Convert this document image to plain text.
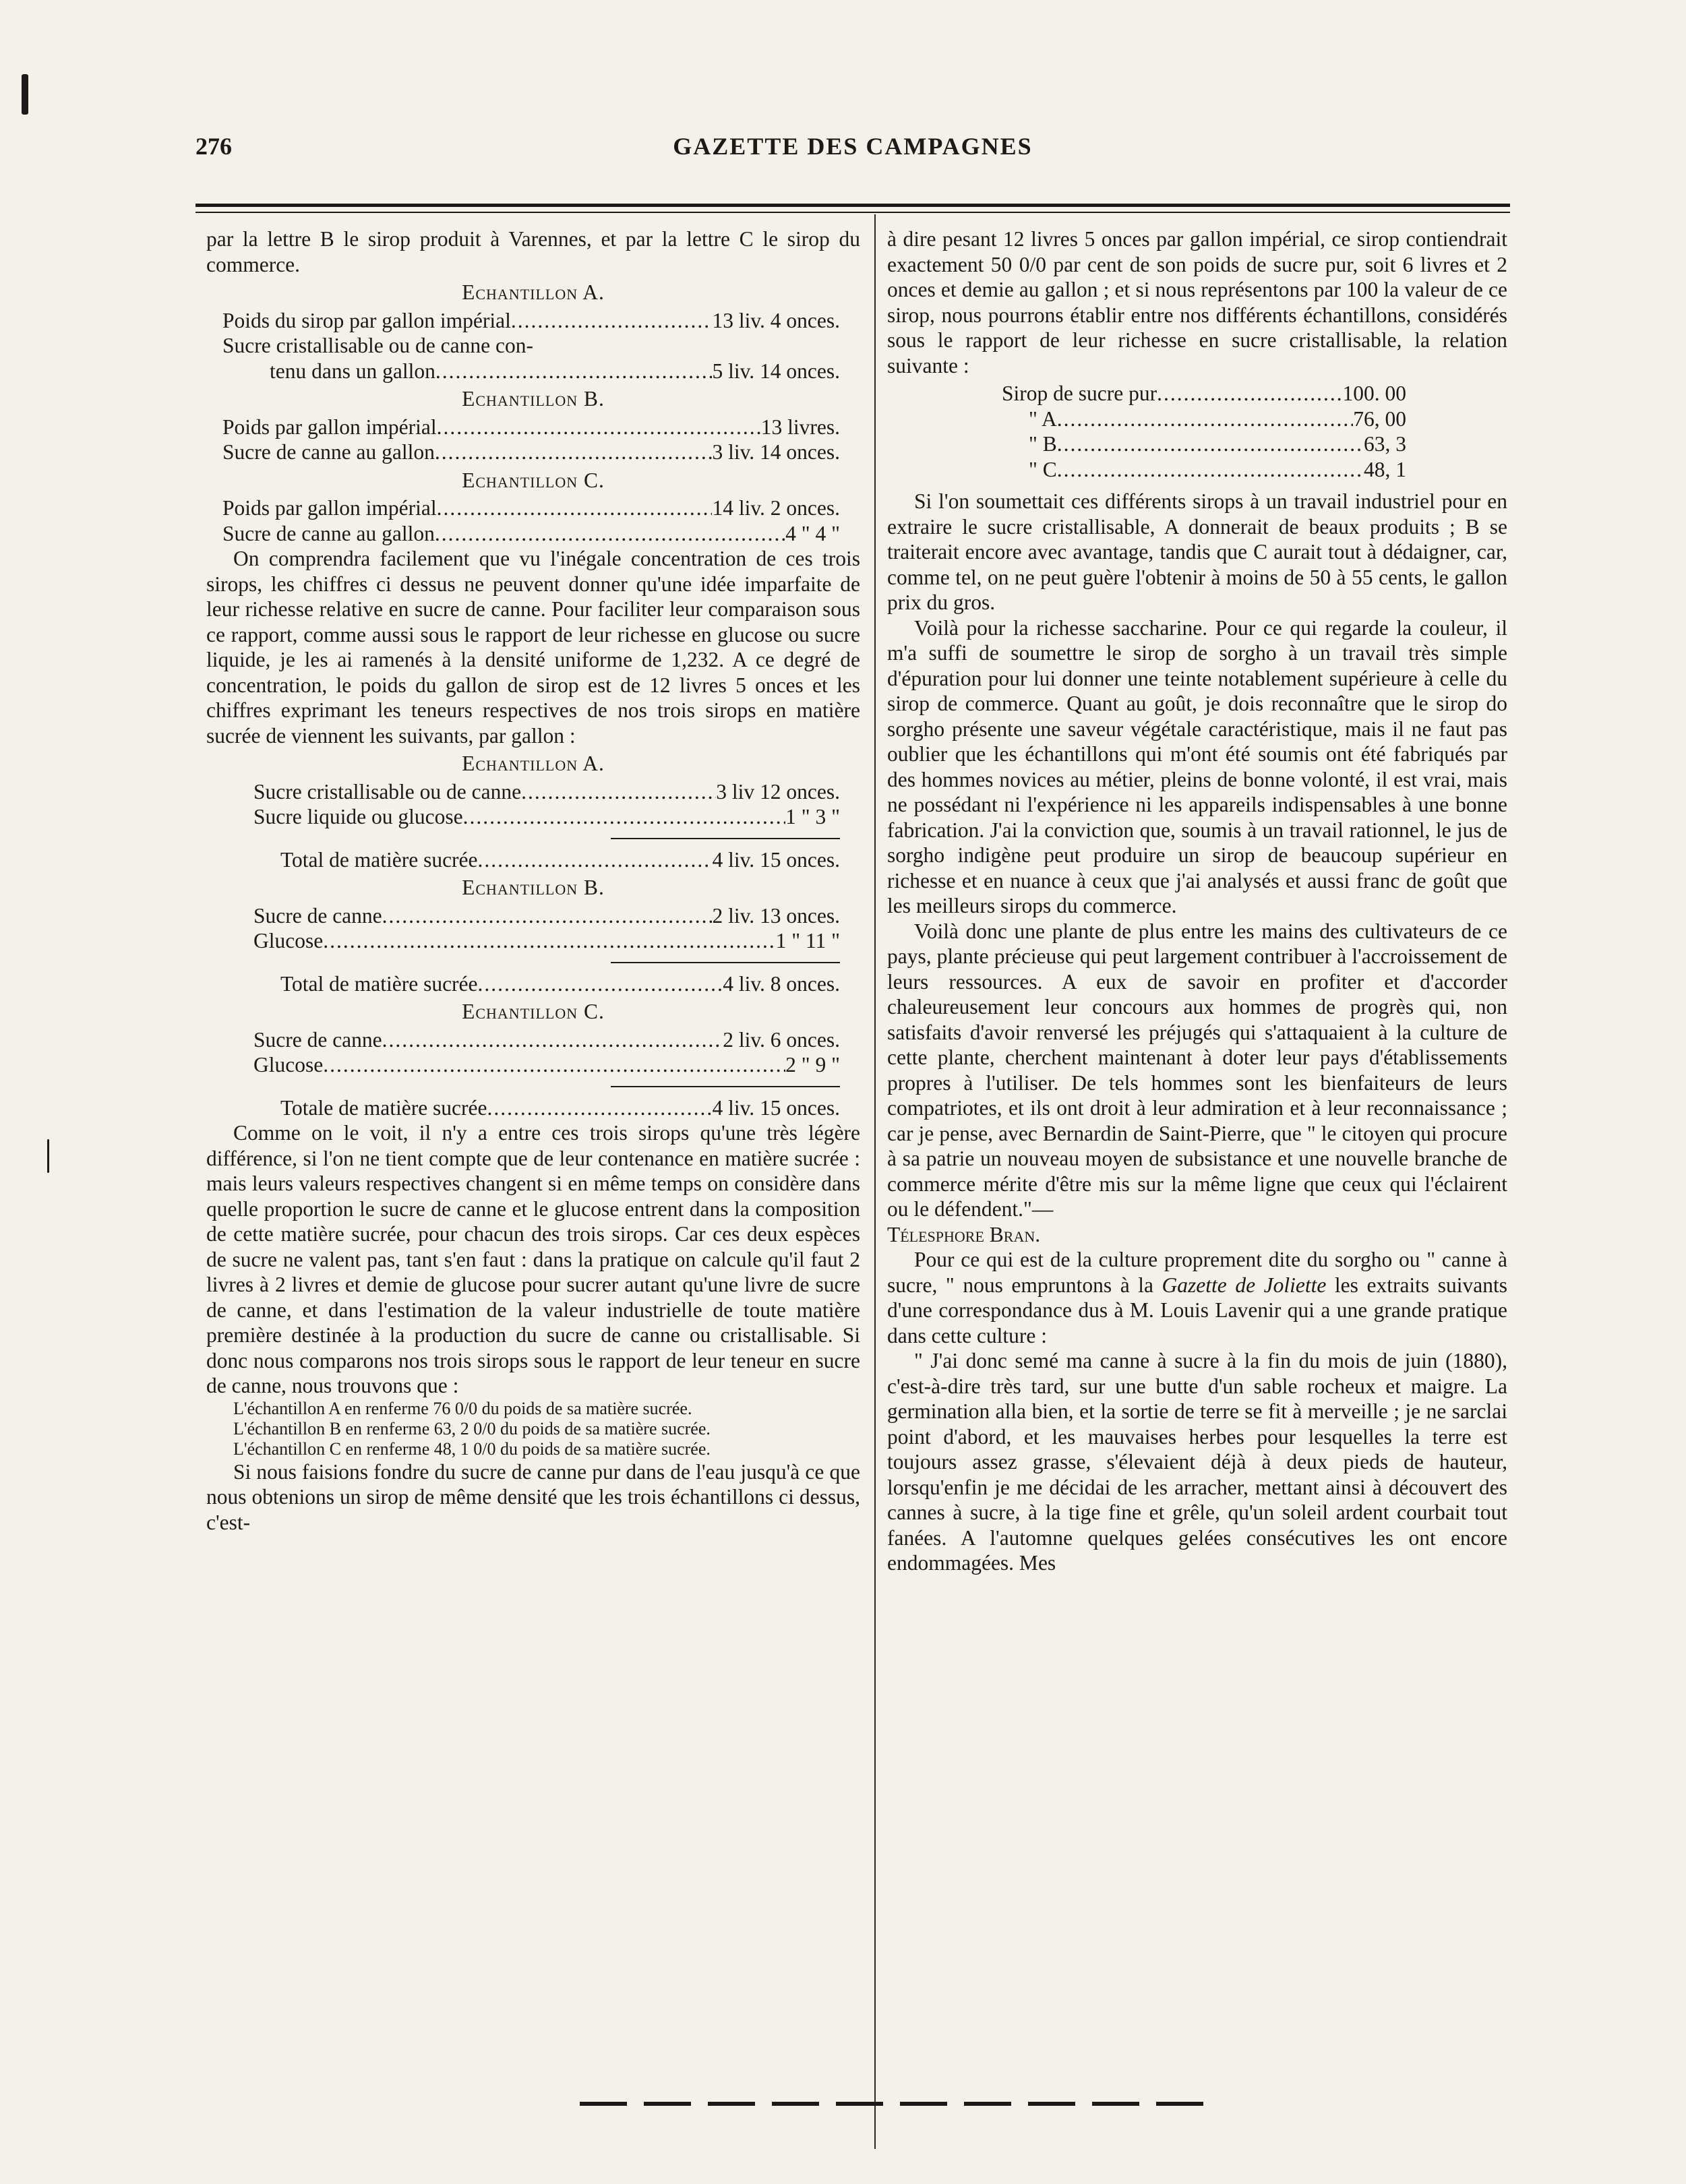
276	GAZETTE DES CAMPAGNES

par la lettre B le sirop produit à Varennes, et par la lettre C le sirop du commerce.

Echantillon A.
Poids du sirop par gallon impérial .....	13 liv. 4 onces.
Sucre cristallisable ou de canne con-
tenu dans un gallon .....	5 liv. 14 onces.
Echantillon B.
Poids par gallon impérial .....	13 livres.
Sucre de canne au gallon .....	3 liv. 14 onces.
Echantillon C.
Poids par gallon impérial .....	14 liv. 2 onces.
Sucre de canne au gallon .....	4 " 4 "

On comprendra facilement que vu l'inégale concentration de ces trois sirops, les chiffres ci dessus ne peuvent donner qu'une idée imparfaite de leur richesse relative en sucre de canne. Pour faciliter leur comparaison sous ce rapport, comme aussi sous le rapport de leur richesse en glucose ou sucre liquide, je les ai ramenés à la densité uniforme de 1,232. A ce degré de concentration, le poids du gallon de sirop est de 12 livres 5 onces et les chiffres exprimant les teneurs respectives de nos trois sirops en matière sucrée de viennent les suivants, par gallon :

Echantillon A.
Sucre cristallisable ou de canne .....	3 liv 12 onces.
Sucre liquide ou glucose .....	1 " 3 "
Total de matière sucrée .....	4 liv. 15 onces.
Echantillon B.
Sucre de canne .....	2 liv. 13 onces.
Glucose .....	1 " 11 "
Total de matière sucrée .....	4 liv. 8 onces.
Echantillon C.
Sucre de canne .....	2 liv. 6 onces.
Glucose .....	2 " 9 "
Totale de matière sucrée .....	4 liv. 15 onces.

Comme on le voit, il n'y a entre ces trois sirops qu'une très légère différence, si l'on ne tient compte que de leur contenance en matière sucrée : mais leurs valeurs respectives changent si en même temps on considère dans quelle proportion le sucre de canne et le glucose entrent dans la composition de cette matière sucrée, pour chacun des trois sirops. Car ces deux espèces de sucre ne valent pas, tant s'en faut : dans la pratique on calcule qu'il faut 2 livres à 2 livres et demie de glucose pour sucrer autant qu'une livre de sucre de canne, et dans l'estimation de la valeur industrielle de toute matière première destinée à la production du sucre de canne ou cristallisable. Si donc nous comparons nos trois sirops sous le rapport de leur teneur en sucre de canne, nous trouvons que :

L'échantillon A en renferme 76 0/0 du poids de sa matière sucrée.

L'échantillon B en renferme 63, 2 0/0 du poids de sa matière sucrée.

L'échantillon C en renferme 48, 1 0/0 du poids de sa matière sucrée.

Si nous faisions fondre du sucre de canne pur dans de l'eau jusqu'à ce que nous obtenions un sirop de même densité que les trois échantillons ci dessus, c'est-

à dire pesant 12 livres 5 onces par gallon impérial, ce sirop contiendrait exactement 50 0/0 par cent de son poids de sucre pur, soit 6 livres et 2 onces et demie au gallon ; et si nous représentons par 100 la valeur de ce sirop, nous pourrons établir entre nos différents échantillons, considérés sous le rapport de leur richesse en sucre cristallisable, la relation suivante :

Sirop de sucre pur .....	100. 00
" A .....	76, 00
" B .....	63, 3
" C .....	48, 1

Si l'on soumettait ces différents sirops à un travail industriel pour en extraire le sucre cristallisable, A donnerait de beaux produits ; B se traiterait encore avec avantage, tandis que C aurait tout à dédaigner, car, comme tel, on ne peut guère l'obtenir à moins de 50 à 55 cents, le gallon prix du gros.

Voilà pour la richesse saccharine. Pour ce qui regarde la couleur, il m'a suffi de soumettre le sirop de sorgho à un travail très simple d'épuration pour lui donner une teinte notablement supérieure à celle du sirop de commerce. Quant au goût, je dois reconnaître que le sirop do sorgho présente une saveur végétale caractéristique, mais il ne faut pas oublier que les échantillons qui m'ont été soumis ont été fabriqués par des hommes novices au métier, pleins de bonne volonté, il est vrai, mais ne possédant ni l'expérience ni les appareils indispensables à une bonne fabrication. J'ai la conviction que, soumis à un travail rationnel, le jus de sorgho indigène peut produire un sirop de beaucoup supérieur en richesse et en nuance à ceux que j'ai analysés et aussi franc de goût que les meilleurs sirops du commerce.

Voilà donc une plante de plus entre les mains des cultivateurs de ce pays, plante précieuse qui peut largement contribuer à l'accroissement de leurs ressources. A eux de savoir en profiter et d'accorder chaleureusement leur concours aux hommes de progrès qui, non satisfaits d'avoir renversé les préjugés qui s'attaquaient à la culture de cette plante, cherchent maintenant à doter leur pays d'établissements propres à l'utiliser. De tels hommes sont les bienfaiteurs de leurs compatriotes, et ils ont droit à leur admiration et à leur reconnaissance ; car je pense, avec Bernardin de Saint-Pierre, que " le citoyen qui procure à sa patrie un nouveau moyen de subsistance et une nouvelle branche de commerce mérite d'être mis sur la même ligne que ceux qui l'éclairent ou le défendent."—

Télesphore Bran.

Pour ce qui est de la culture proprement dite du sorgho ou " canne à sucre, " nous empruntons à la Gazette de Joliette les extraits suivants d'une correspondance dus à M. Louis Lavenir qui a une grande pratique dans cette culture :

" J'ai donc semé ma canne à sucre à la fin du mois de juin (1880), c'est-à-dire très tard, sur une butte d'un sable rocheux et maigre. La germination alla bien, et la sortie de terre se fit à merveille ; je ne sarclai point d'abord, et les mauvaises herbes pour lesquelles la terre est toujours assez grasse, s'élevaient déjà à deux pieds de hauteur, lorsqu'enfin je me décidai de les arracher, mettant ainsi à découvert des cannes à sucre, à la tige fine et grêle, qu'un soleil ardent courbait tout fanées. A l'automne quelques gelées consécutives les ont encore endommagées. Mes
